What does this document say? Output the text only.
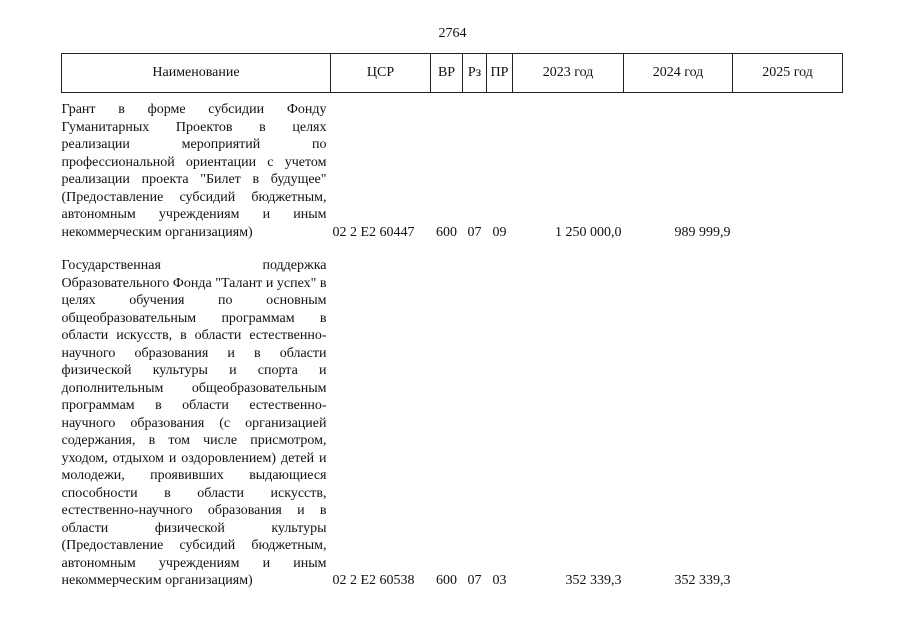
2764
Наименование	ЦСР	ВР	Рз	ПР	2023 год	2024 год	2025 год
Грант в форме субсидии Фонду Гуманитарных Проектов в целях реализации мероприятий по профессиональной ориентации с учетом реализации проекта "Билет в будущее" (Предоставление субсидий бюджетным, автономным учреждениям и иным некоммерческим организациям)	02 2 Е2 60447	600	07	09	1 250 000,0	989 999,9	

Государственная поддержка Образовательного Фонда "Талант и успех" в целях обучения по основным общеобразовательным программам в области искусств, в области естественно-научного образования и в области физической культуры и спорта и дополнительным общеобразовательным программам в области естественно-научного образования (с организацией содержания, в том числе присмотром, уходом, отдыхом и оздоровлением) детей и молодежи, проявивших выдающиеся способности в области искусств, естественно-научного образования и в области физической культуры (Предоставление субсидий бюджетным, автономным учреждениям и иным некоммерческим организациям)	02 2 Е2 60538	600	07	03	352 339,3	352 339,3	
